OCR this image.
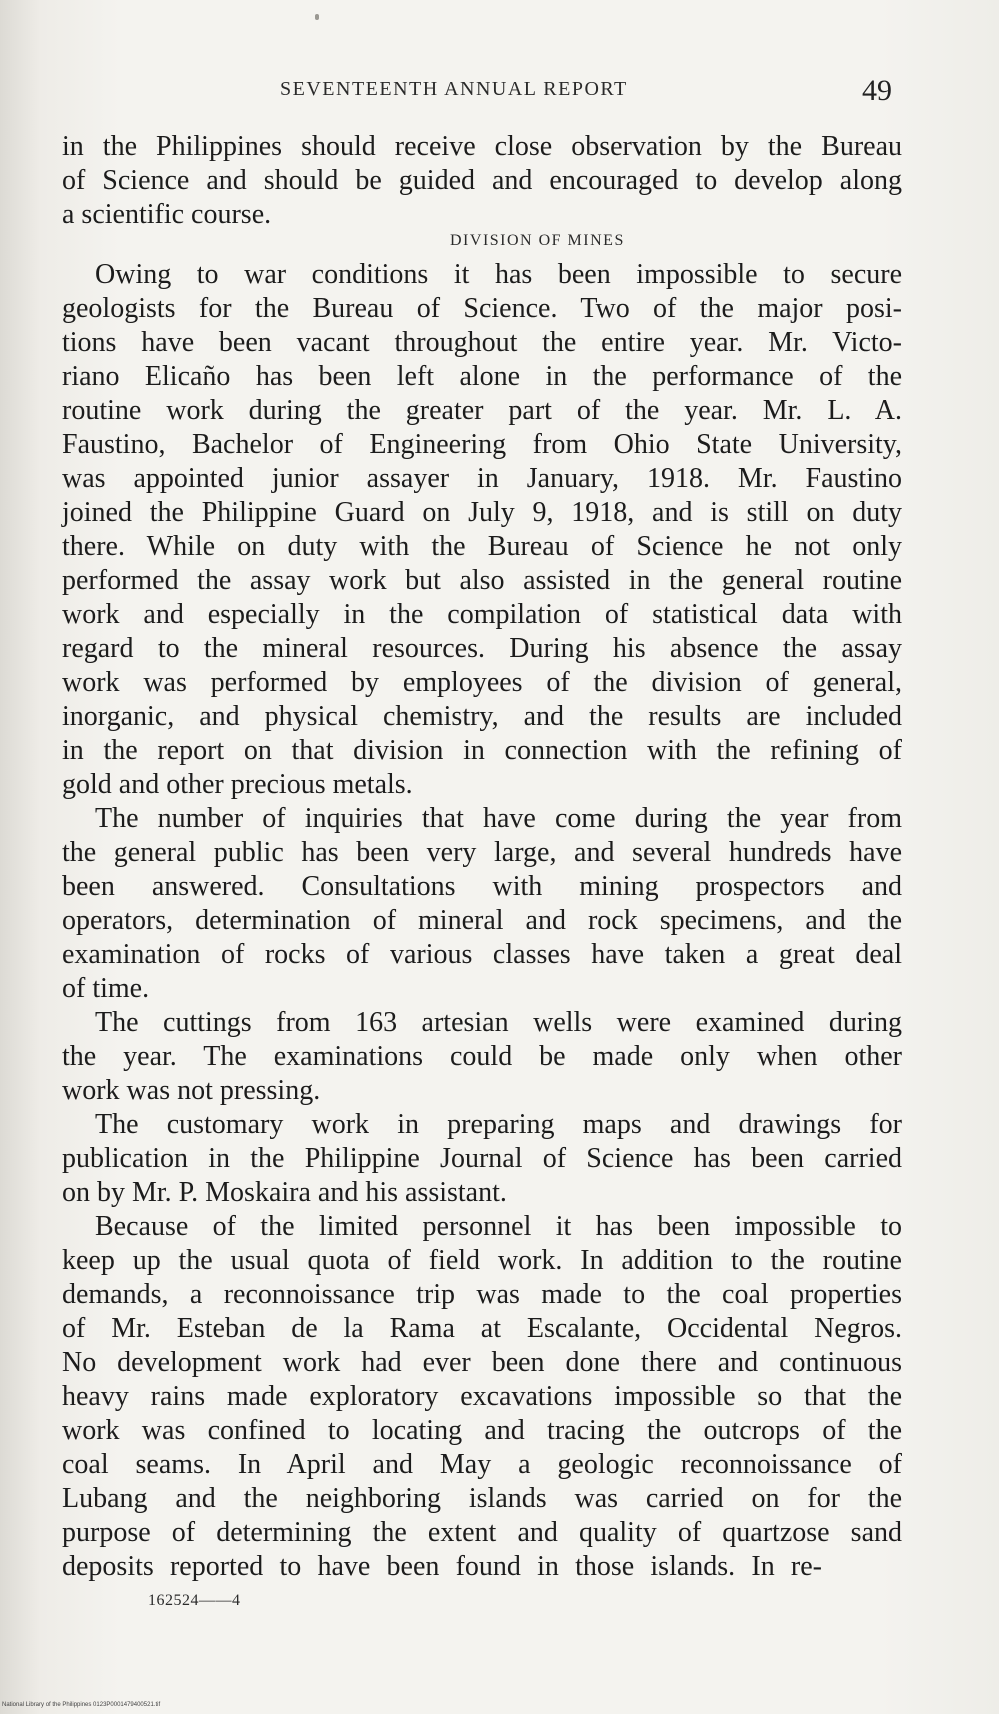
SEVENTEENTH ANNUAL REPORT	49
in the Philippines should receive close observation by the Bureau
of Science and should be guided and encouraged to develop along
a scientific course.
DIVISION OF MINES
Owing to war conditions it has been impossible to secure
geologists for the Bureau of Science. Two of the major posi-
tions have been vacant throughout the entire year. Mr. Victo-
riano Elicaño has been left alone in the performance of the
routine work during the greater part of the year. Mr. L. A.
Faustino, Bachelor of Engineering from Ohio State University,
was appointed junior assayer in January, 1918. Mr. Faustino
joined the Philippine Guard on July 9, 1918, and is still on duty
there. While on duty with the Bureau of Science he not only
performed the assay work but also assisted in the general routine
work and especially in the compilation of statistical data with
regard to the mineral resources. During his absence the assay
work was performed by employees of the division of general,
inorganic, and physical chemistry, and the results are included
in the report on that division in connection with the refining of
gold and other precious metals.
The number of inquiries that have come during the year from
the general public has been very large, and several hundreds have
been answered. Consultations with mining prospectors and
operators, determination of mineral and rock specimens, and the
examination of rocks of various classes have taken a great deal
of time.
The cuttings from 163 artesian wells were examined during
the year. The examinations could be made only when other
work was not pressing.
The customary work in preparing maps and drawings for
publication in the Philippine Journal of Science has been carried
on by Mr. P. Moskaira and his assistant.
Because of the limited personnel it has been impossible to
keep up the usual quota of field work. In addition to the routine
demands, a reconnoissance trip was made to the coal properties
of Mr. Esteban de la Rama at Escalante, Occidental Negros.
No development work had ever been done there and continuous
heavy rains made exploratory excavations impossible so that the
work was confined to locating and tracing the outcrops of the
coal seams. In April and May a geologic reconnoissance of
Lubang and the neighboring islands was carried on for the
purpose of determining the extent and quality of quartzose sand
deposits reported to have been found in those islands. In re-
162524——4
National Library of the Philippines 0123P0001479400521.tif
